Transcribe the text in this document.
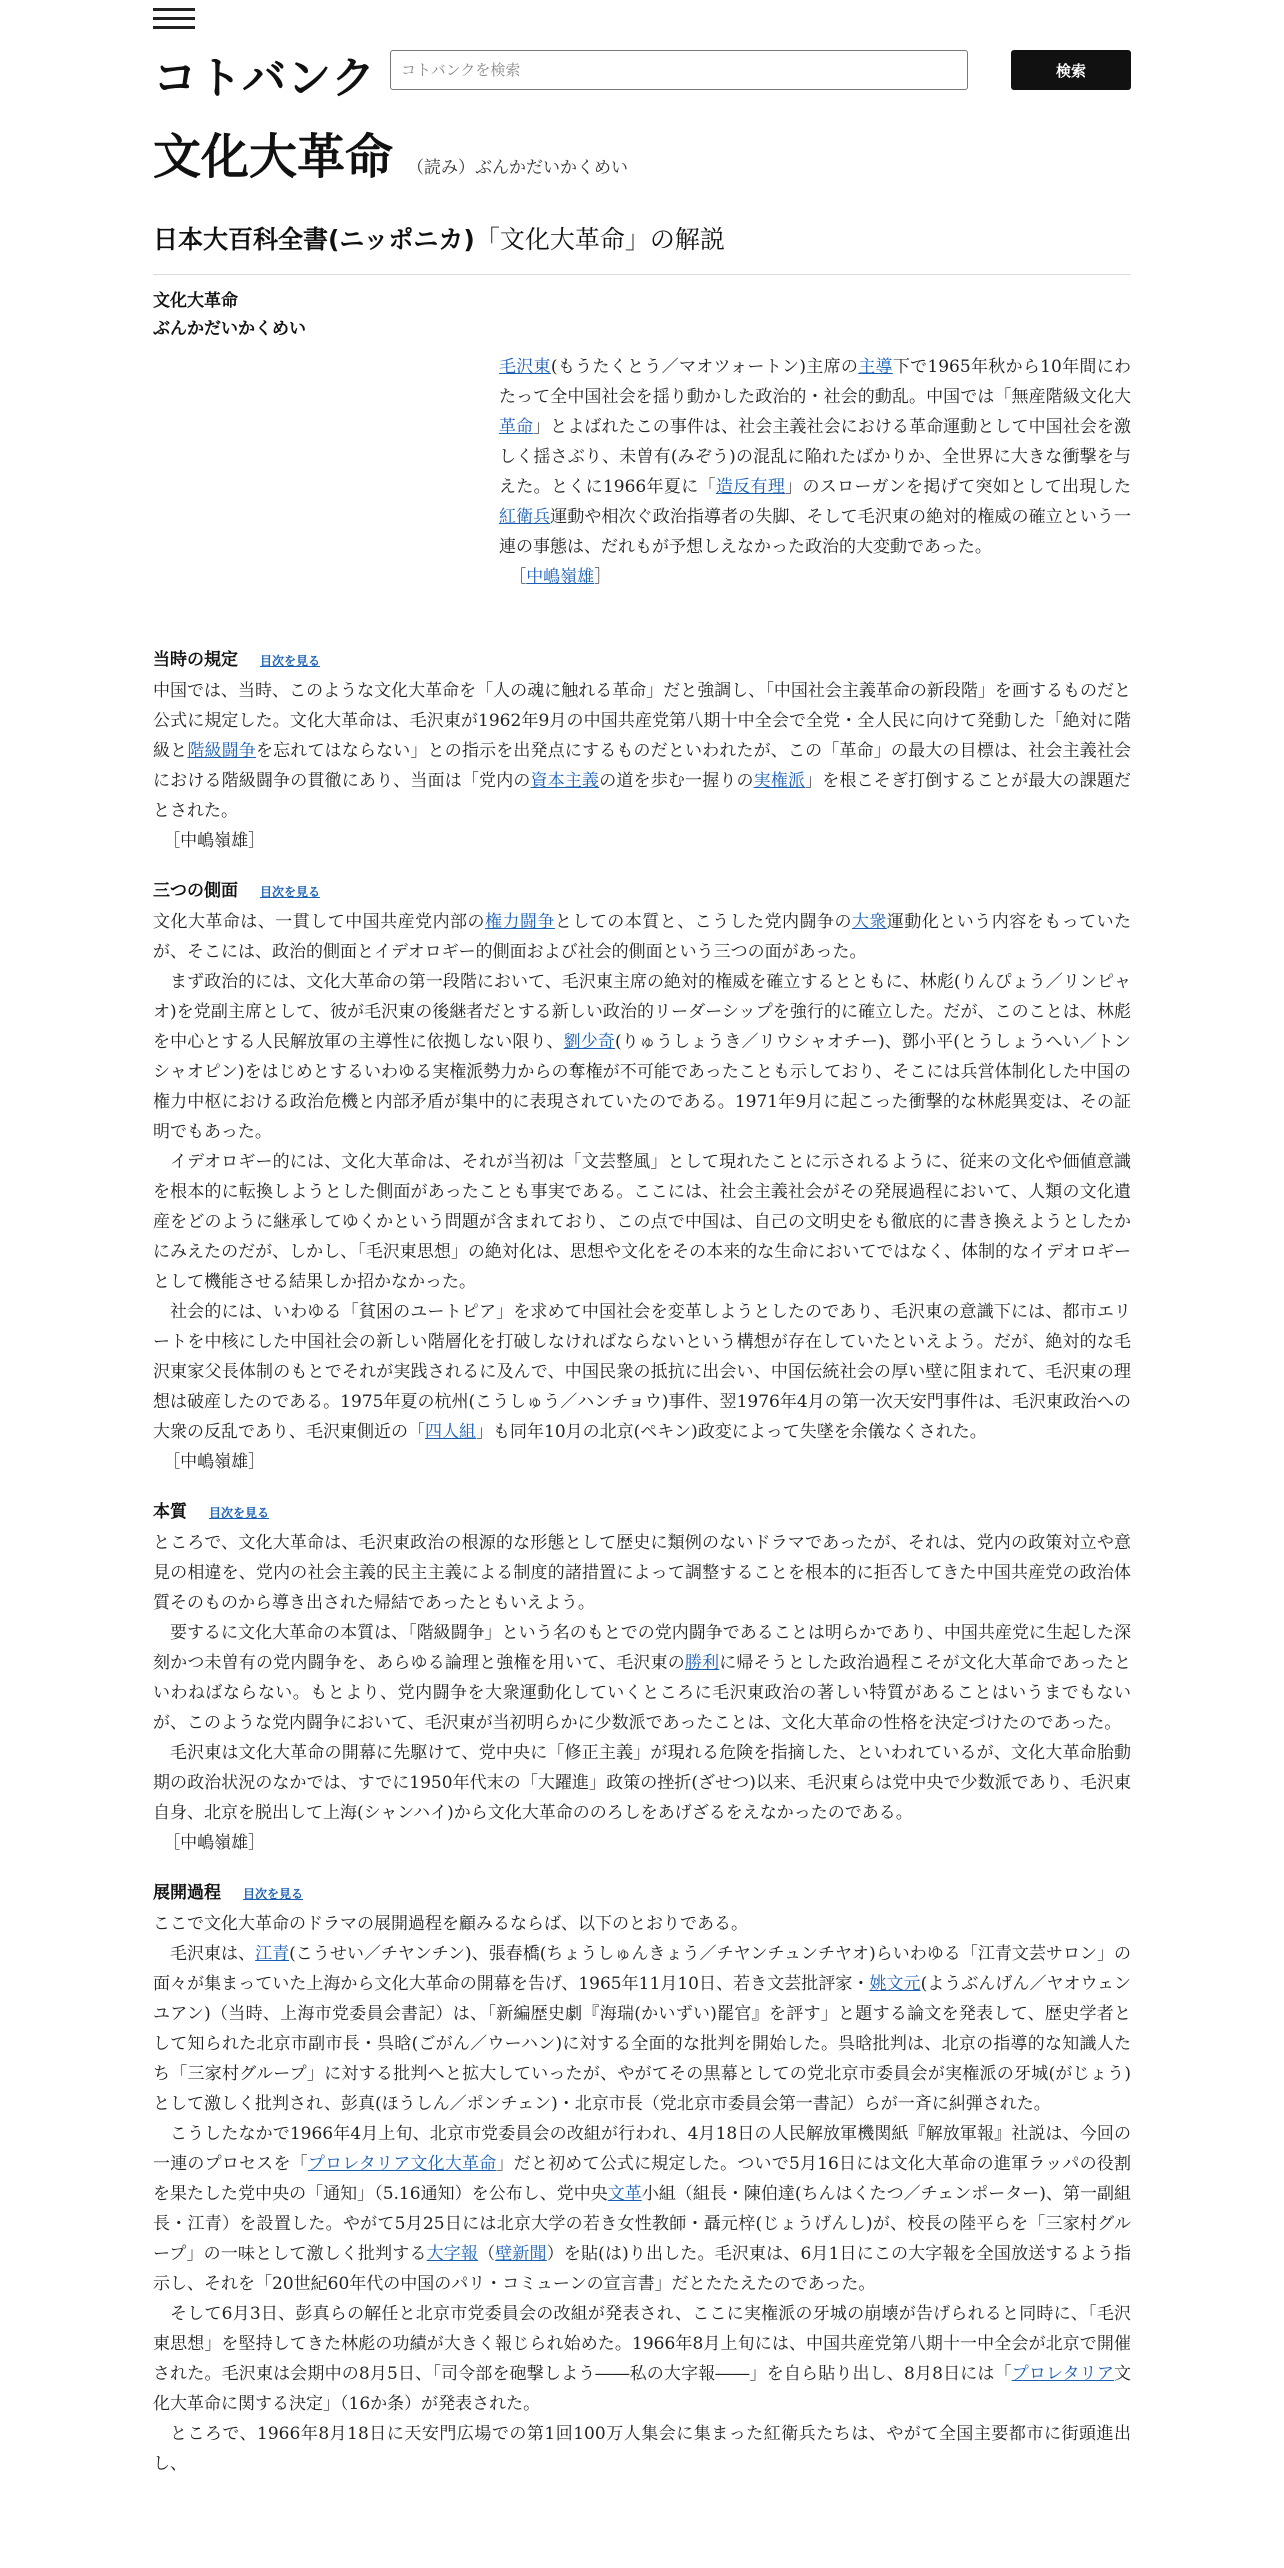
コトバンク
コトバンクを検索	検索
文化大革命 （読み）ぶんかだいかくめい
日本大百科全書(ニッポニカ)「文化大革命」の解説
文化大革命
ぶんかだいかくめい

毛沢東(もうたくとう／マオツォートン)主席の主導下で1965年秋から10年間にわたって全中国社会を揺り動かした政治的・社会的動乱。中国では「無産階級文化大革命」とよばれたこの事件は、社会主義社会における革命運動として中国社会を激しく揺さぶり、未曽有(みぞう)の混乱に陥れたばかりか、全世界に大きな衝撃を与えた。とくに1966年夏に「造反有理」のスローガンを掲げて突如として出現した紅衛兵運動や相次ぐ政治指導者の失脚、そして毛沢東の絶対的権威の確立という一連の事態は、だれもが予想しえなかった政治的大変動であった。

［中嶋嶺雄］

当時の規定 目次を見る

中国では、当時、このような文化大革命を「人の魂に触れる革命」だと強調し、「中国社会主義革命の新段階」を画するものだと公式に規定した。文化大革命は、毛沢東が1962年9月の中国共産党第八期十中全会で全党・全人民に向けて発動した「絶対に階級と階級闘争を忘れてはならない」との指示を出発点にするものだといわれたが、この「革命」の最大の目標は、社会主義社会における階級闘争の貫徹にあり、当面は「党内の資本主義の道を歩む一握りの実権派」を根こそぎ打倒することが最大の課題だとされた。

［中嶋嶺雄］

三つの側面 目次を見る

文化大革命は、一貫して中国共産党内部の権力闘争としての本質と、こうした党内闘争の大衆運動化という内容をもっていたが、そこには、政治的側面とイデオロギー的側面および社会的側面という三つの面があった。

まず政治的には、文化大革命の第一段階において、毛沢東主席の絶対的権威を確立するとともに、林彪(りんぴょう／リンピャオ)を党副主席として、彼が毛沢東の後継者だとする新しい政治的リーダーシップを強行的に確立した。だが、このことは、林彪を中心とする人民解放軍の主導性に依拠しない限り、劉少奇(りゅうしょうき／リウシャオチー)、鄧小平(とうしょうへい／トンシャオピン)をはじめとするいわゆる実権派勢力からの奪権が不可能であったことも示しており、そこには兵営体制化した中国の権力中枢における政治危機と内部矛盾が集中的に表現されていたのである。1971年9月に起こった衝撃的な林彪異変は、その証明でもあった。

イデオロギー的には、文化大革命は、それが当初は「文芸整風」として現れたことに示されるように、従来の文化や価値意識を根本的に転換しようとした側面があったことも事実である。ここには、社会主義社会がその発展過程において、人類の文化遺産をどのように継承してゆくかという問題が含まれており、この点で中国は、自己の文明史をも徹底的に書き換えようとしたかにみえたのだが、しかし、「毛沢東思想」の絶対化は、思想や文化をその本来的な生命においてではなく、体制的なイデオロギーとして機能させる結果しか招かなかった。

社会的には、いわゆる「貧困のユートピア」を求めて中国社会を変革しようとしたのであり、毛沢東の意識下には、都市エリートを中核にした中国社会の新しい階層化を打破しなければならないという構想が存在していたといえよう。だが、絶対的な毛沢東家父長体制のもとでそれが実践されるに及んで、中国民衆の抵抗に出会い、中国伝統社会の厚い壁に阻まれて、毛沢東の理想は破産したのである。1975年夏の杭州(こうしゅう／ハンチョウ)事件、翌1976年4月の第一次天安門事件は、毛沢東政治への大衆の反乱であり、毛沢東側近の「四人組」も同年10月の北京(ペキン)政変によって失墜を余儀なくされた。

［中嶋嶺雄］

本質 目次を見る

ところで、文化大革命は、毛沢東政治の根源的な形態として歴史に類例のないドラマであったが、それは、党内の政策対立や意見の相違を、党内の社会主義的民主主義による制度的諸措置によって調整することを根本的に拒否してきた中国共産党の政治体質そのものから導き出された帰結であったともいえよう。

要するに文化大革命の本質は、「階級闘争」という名のもとでの党内闘争であることは明らかであり、中国共産党に生起した深刻かつ未曽有の党内闘争を、あらゆる論理と強権を用いて、毛沢東の勝利に帰そうとした政治過程こそが文化大革命であったといわねばならない。もとより、党内闘争を大衆運動化していくところに毛沢東政治の著しい特質があることはいうまでもないが、このような党内闘争において、毛沢東が当初明らかに少数派であったことは、文化大革命の性格を決定づけたのであった。

毛沢東は文化大革命の開幕に先駆けて、党中央に「修正主義」が現れる危険を指摘した、といわれているが、文化大革命胎動期の政治状況のなかでは、すでに1950年代末の「大躍進」政策の挫折(ざせつ)以来、毛沢東らは党中央で少数派であり、毛沢東自身、北京を脱出して上海(シャンハイ)から文化大革命ののろしをあげざるをえなかったのである。

［中嶋嶺雄］

展開過程 目次を見る

ここで文化大革命のドラマの展開過程を顧みるならば、以下のとおりである。

毛沢東は、江青(こうせい／チヤンチン)、張春橋(ちょうしゅんきょう／チヤンチュンチヤオ)らいわゆる「江青文芸サロン」の面々が集まっていた上海から文化大革命の開幕を告げ、1965年11月10日、若き文芸批評家・姚文元(ようぶんげん／ヤオウェンユアン)（当時、上海市党委員会書記）は、「新編歴史劇『海瑞(かいずい)罷官』を評す」と題する論文を発表して、歴史学者として知られた北京市副市長・呉晗(ごがん／ウーハン)に対する全面的な批判を開始した。呉晗批判は、北京の指導的な知識人たち「三家村グループ」に対する批判へと拡大していったが、やがてその黒幕としての党北京市委員会が実権派の牙城(がじょう)として激しく批判され、彭真(ほうしん／ポンチェン)・北京市長（党北京市委員会第一書記）らが一斉に糾弾された。

こうしたなかで1966年4月上旬、北京市党委員会の改組が行われ、4月18日の人民解放軍機関紙『解放軍報』社説は、今回の一連のプロセスを「プロレタリア文化大革命」だと初めて公式に規定した。ついで5月16日には文化大革命の進軍ラッパの役割を果たした党中央の「通知」（5.16通知）を公布し、党中央文革小組（組長・陳伯達(ちんはくたつ／チェンポーター)、第一副組長・江青）を設置した。やがて5月25日には北京大学の若き女性教師・聶元梓(じょうげんし)が、校長の陸平らを「三家村グループ」の一味として激しく批判する大字報（壁新聞）を貼(は)り出した。毛沢東は、6月1日にこの大字報を全国放送するよう指示し、それを「20世紀60年代の中国のパリ・コミューンの宣言書」だとたたえたのであった。

そして6月3日、彭真らの解任と北京市党委員会の改組が発表され、ここに実権派の牙城の崩壊が告げられると同時に、「毛沢東思想」を堅持してきた林彪の功績が大きく報じられ始めた。1966年8月上旬には、中国共産党第八期十一中全会が北京で開催された。毛沢東は会期中の8月5日、「司令部を砲撃しよう――私の大字報――」を自ら貼り出し、8月8日には「プロレタリア文化大革命に関する決定」（16か条）が発表された。

ところで、1966年8月18日に天安門広場での第1回100万人集会に集まった紅衛兵たちは、やがて全国主要都市に街頭進出し、
